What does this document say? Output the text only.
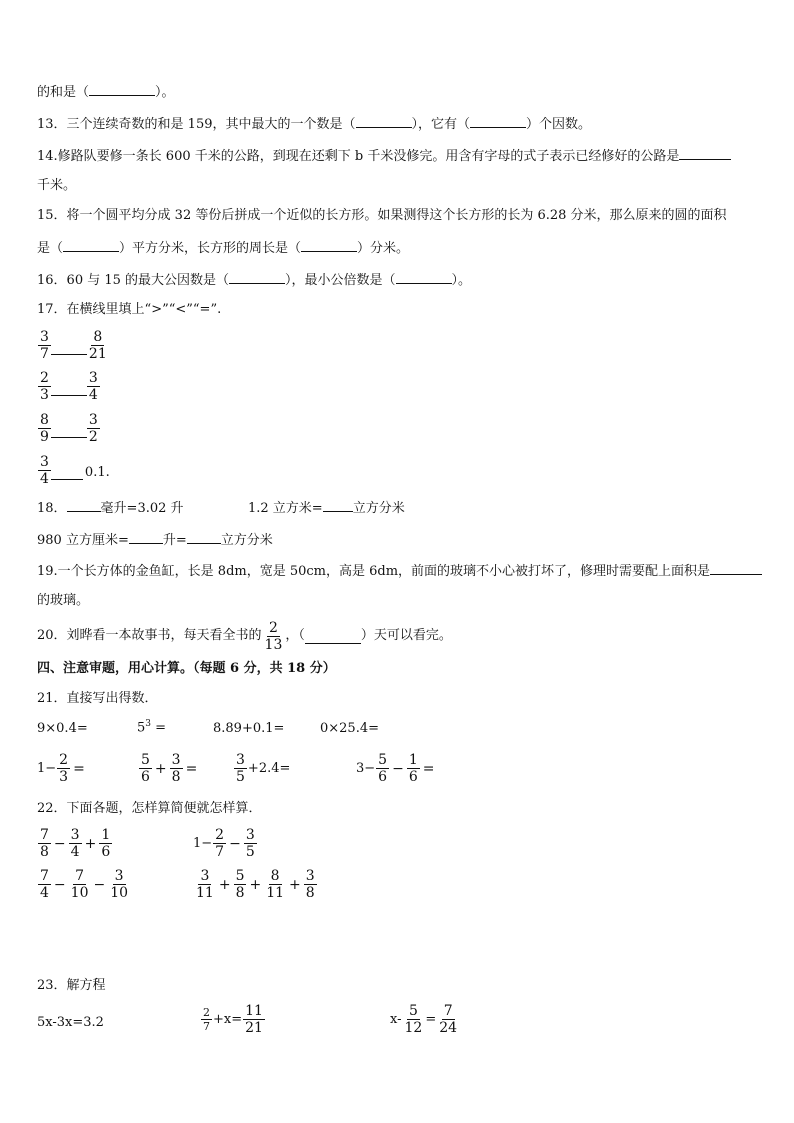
的和是（	）。
13．三个连续奇数的和是 159，其中最大的一个数是（	），它有（	）个因数。
14.修路队要修一条长 600 千米的公路，到现在还剩下 b 千米没修完。用含有字母的式子表示已经修好的公路是
千米。
15．将一个圆平均分成 32 等份后拼成一个近似的长方形。如果测得这个长方形的长为 6.28 分米，那么原来的圆的面积
是（	）平方分米，长方形的周长是（	）分米。
16．60 与 15 的最大公因数是（	），最小公倍数是（	）。
17．在横线里填上“>”“<”“=”.
$\frac{3}{7}$	$\frac{8}{21}$
$\frac{2}{3}$	$\frac{3}{4}$
$\frac{8}{9}$	$\frac{3}{2}$
$\frac{3}{4}$	0.1.
18．	毫升=3.02 升	1.2 立方米= 立方分米
980 立方厘米=	升=	立方分米
19.一个长方体的金鱼缸，长是 8dm，宽是 50cm，高是 6dm，前面的玻璃不小心被打坏了，修理时需要配上面积是
的玻璃。
20．刘晔看一本故事书，每天看全书的 $\frac{2}{13}$ ，（	）天可以看完。
四、注意审题，用心计算。（每题 6 分，共 18 分）
21．直接写出得数．
9×0.4=	$5^3$ =	8.89+0.1=	0×25.4=
$1- \frac{2}{3}$ =	$\frac{5}{6} + \frac{3}{8}$ =	$\frac{3}{5} +2.4=$	$3- \frac{5}{6} - \frac{1}{6}$ =
22．下面各题，怎样算简便就怎样算．
$\frac{7}{8} - \frac{3}{4} + \frac{1}{6}$	$1- \frac{2}{7} - \frac{3}{5}$
$\frac{7}{4} - \frac{7}{10} - \frac{3}{10}$	$\frac{3}{11} + \frac{5}{8} + \frac{8}{11} + \frac{3}{8}$
23．解方程
5x-3x=3.2	$\frac{2}{7} +x= \frac{11}{21}$	$x- \frac{5}{12} = \frac{7}{24}$
